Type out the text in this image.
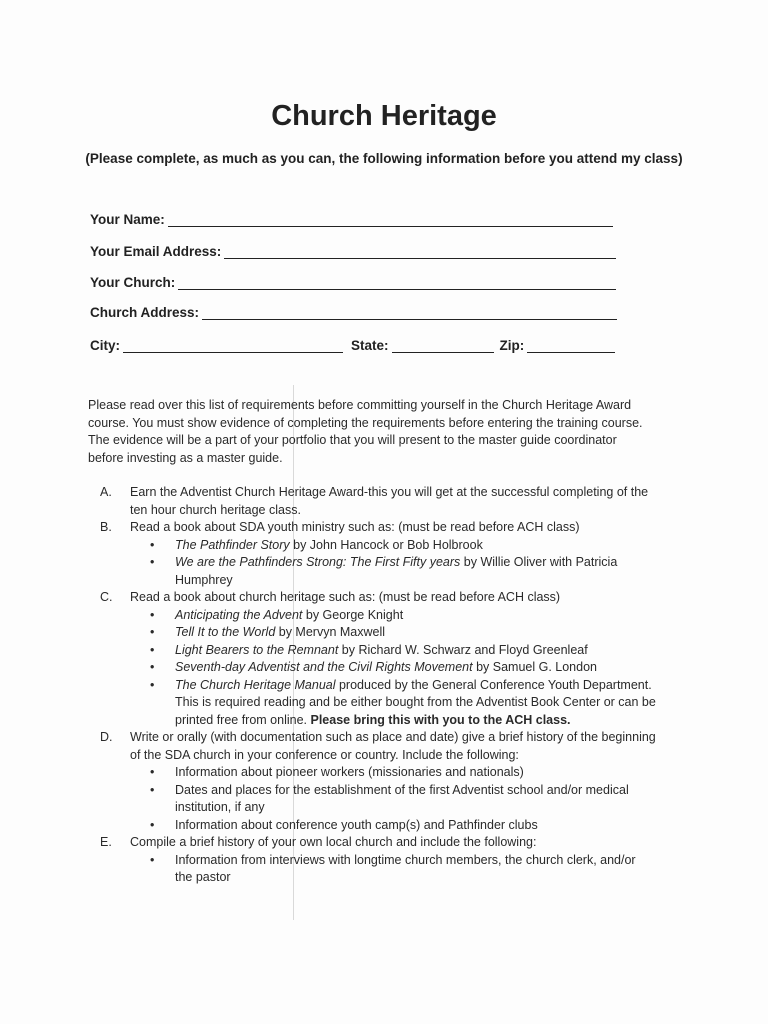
Church Heritage
(Please complete, as much as you can, the following information before you attend my class)
Your Name:
Your Email Address:
Your Church:
Church Address:
City:	State:	Zip:

Please read over this list of requirements before committing yourself in the Church Heritage Award

course. You must show evidence of completing the requirements before entering the training course.

The evidence will be a part of your portfolio that you will present to the master guide coordinator

before investing as a master guide.

A.	Earn the Adventist Church Heritage Award-this you will get at the successful completing of the
ten hour church heritage class.
B.	Read a book about SDA youth ministry such as: (must be read before ACH class)
•	The Pathfinder Story by John Hancock or Bob Holbrook
•	We are the Pathfinders Strong: The First Fifty years by Willie Oliver with Patricia
Humphrey
C.	Read a book about church heritage such as: (must be read before ACH class)
•	Anticipating the Advent by George Knight
•	Tell It to the World by Mervyn Maxwell
•	Light Bearers to the Remnant by Richard W. Schwarz and Floyd Greenleaf
•	Seventh-day Adventist and the Civil Rights Movement by Samuel G. London
•	The Church Heritage Manual produced by the General Conference Youth Department.
This is required reading and be either bought from the Adventist Book Center or can be
printed free from online. Please bring this with you to the ACH class.
D.	Write or orally (with documentation such as place and date) give a brief history of the beginning
of the SDA church in your conference or country. Include the following:
•	Information about pioneer workers (missionaries and nationals)
•	Dates and places for the establishment of the first Adventist school and/or medical
institution, if any
•	Information about conference youth camp(s) and Pathfinder clubs
E.	Compile a brief history of your own local church and include the following:
•	Information from interviews with longtime church members, the church clerk, and/or
the pastor
